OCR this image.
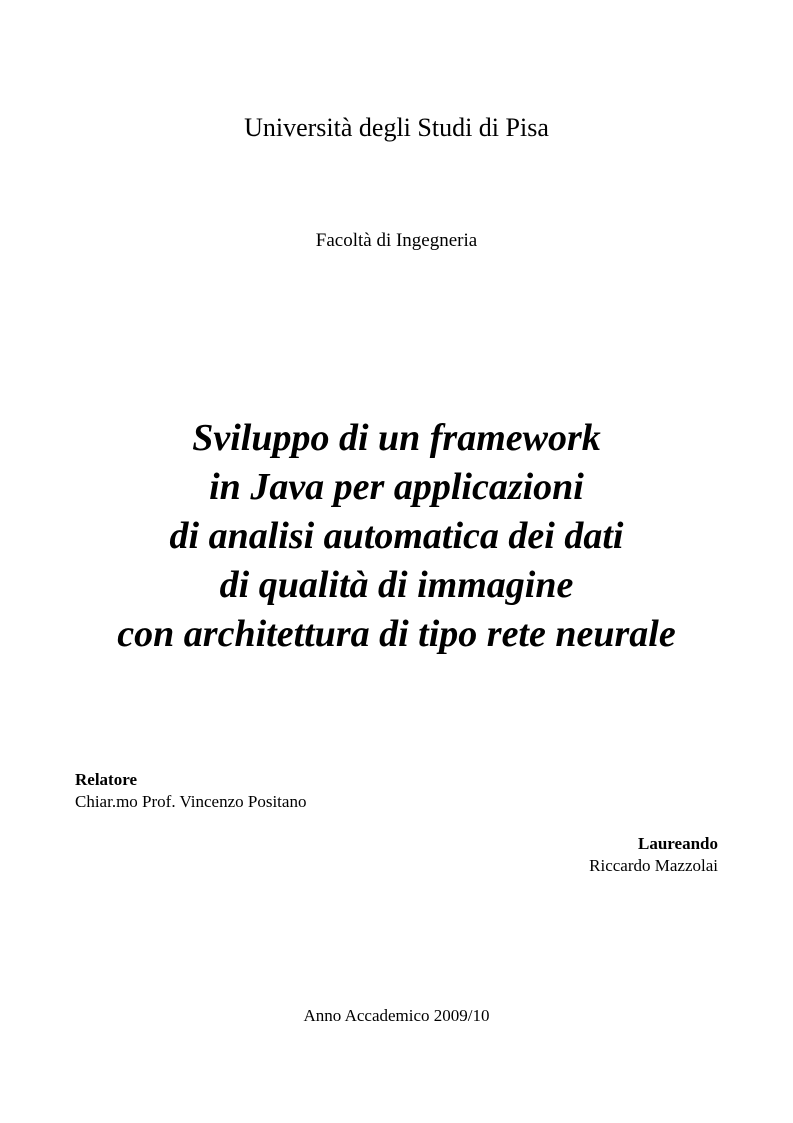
Università degli Studi di Pisa
Facoltà di Ingegneria
Sviluppo di un framework
in Java per applicazioni
di analisi automatica dei dati
di qualità di immagine
con architettura di tipo rete neurale
Relatore
Chiar.mo Prof. Vincenzo Positano
Laureando
Riccardo Mazzolai
Anno Accademico 2009/10
